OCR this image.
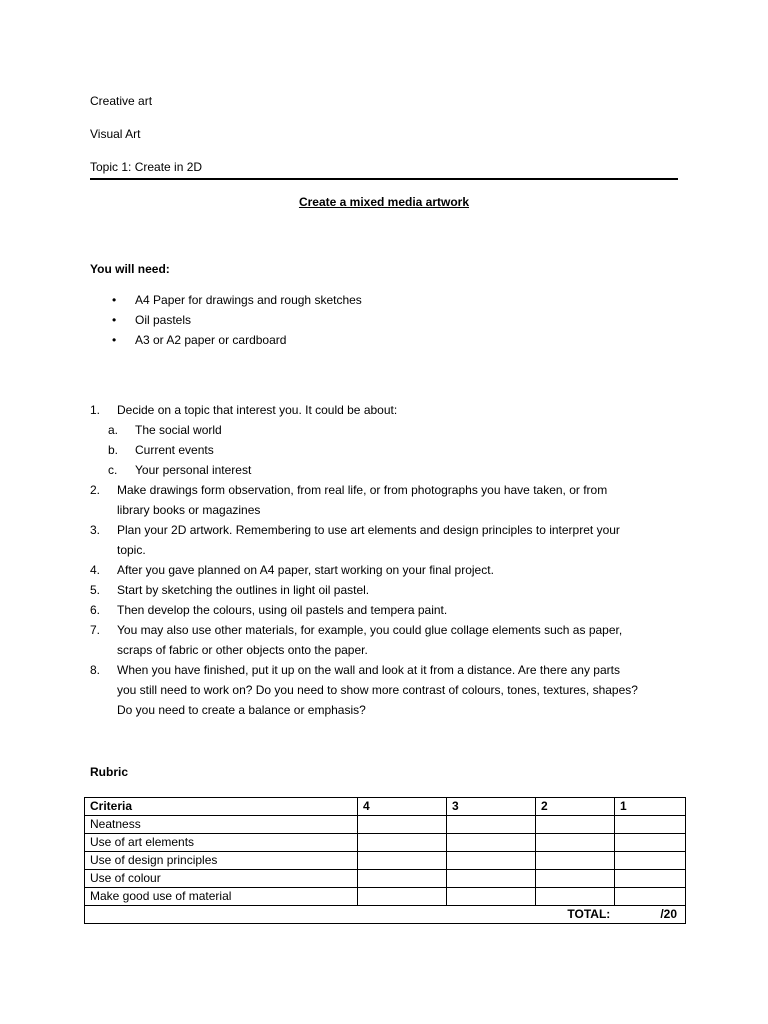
Creative art
Visual Art
Topic 1: Create in 2D
Create a mixed media artwork
You will need:
• A4 Paper for drawings and rough sketches
• Oil pastels
• A3 or A2 paper or cardboard
1. Decide on a topic that interest you. It could be about:
a. The social world
b. Current events
c. Your personal interest
2. Make drawings form observation, from real life, or from photographs you have taken, or from
library books or magazines
3. Plan your 2D artwork. Remembering to use art elements and design principles to interpret your
topic.
4. After you gave planned on A4 paper, start working on your final project.
5. Start by sketching the outlines in light oil pastel.
6. Then develop the colours, using oil pastels and tempera paint.
7. You may also use other materials, for example, you could glue collage elements such as paper,
scraps of fabric or other objects onto the paper.
8. When you have finished, put it up on the wall and look at it from a distance. Are there any parts
you still need to work on? Do you need to show more contrast of colours, tones, textures, shapes?
Do you need to create a balance or emphasis?
Rubric
Criteria	4	3	2	1
Neatness				
Use of art elements				
Use of design principles				
Use of colour				
Make good use of material				
TOTAL: /20				
